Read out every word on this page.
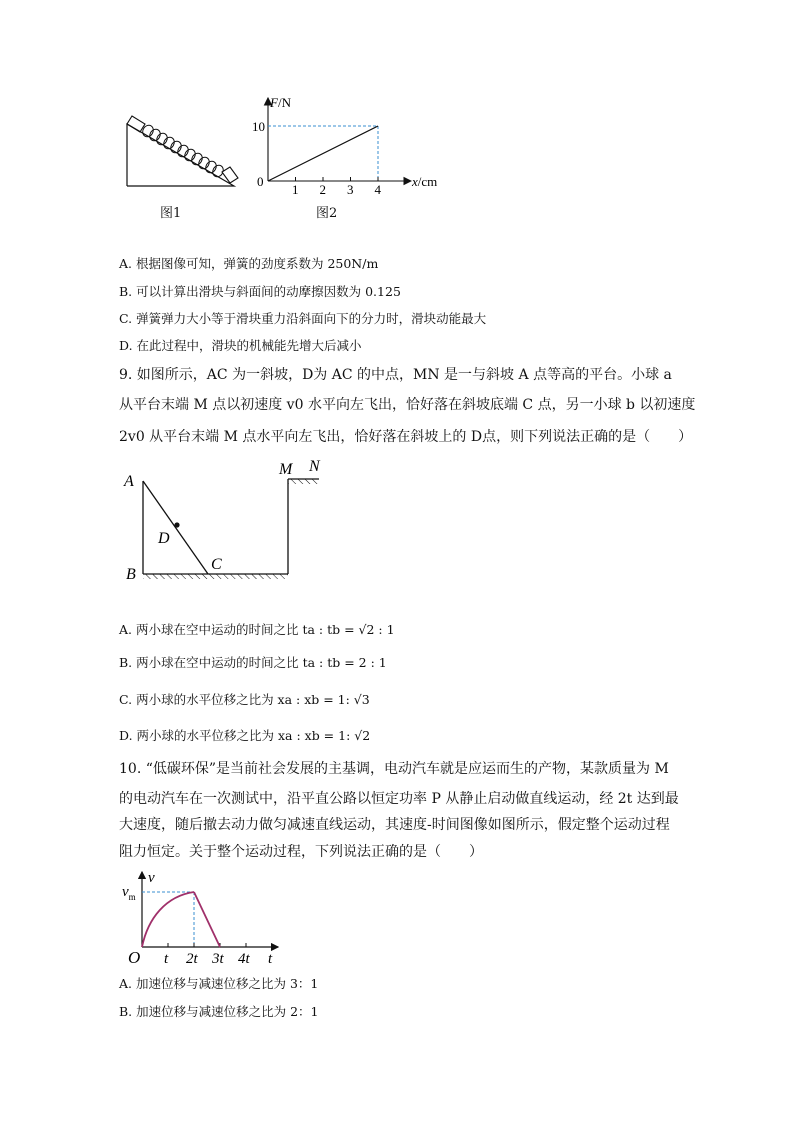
图1
F/N
10
0
1 2 3 4
x/cm
图2
A. 根据图像可知，弹簧的劲度系数为 250N/m
B. 可以计算出滑块与斜面间的动摩擦因数为 0.125
C. 弹簧弹力大小等于滑块重力沿斜面向下的分力时，滑块动能最大
D. 在此过程中，滑块的机械能先增大后减小
9. 如图所示，AC 为一斜坡，D为 AC 的中点，MN 是一与斜坡 A 点等高的平台。小球 a
从平台末端 M 点以初速度 v0 水平向左飞出，恰好落在斜坡底端 C 点，另一小球 b 以初速度
2v0 从平台末端 M 点水平向左飞出，恰好落在斜坡上的 D点，则下列说法正确的是（　　）
A
B
C
D
M N
A. 两小球在空中运动的时间之比 ta : tb = √2 : 1
B. 两小球在空中运动的时间之比 ta : tb = 2 : 1
C. 两小球的水平位移之比为 xa : xb = 1: √3
D. 两小球的水平位移之比为 xa : xb = 1: √2
10. “低碳环保”是当前社会发展的主基调，电动汽车就是应运而生的产物，某款质量为 M
的电动汽车在一次测试中，沿平直公路以恒定功率 P 从静止启动做直线运动，经 2t 达到最
大速度，随后撤去动力做匀减速直线运动，其速度-时间图像如图所示，假定整个运动过程
阻力恒定。关于整个运动过程，下列说法正确的是（　　）
v
$v_m$
O t 2t 3t 4t t
A. 加速位移与减速位移之比为 3：1
B. 加速位移与减速位移之比为 2：1
